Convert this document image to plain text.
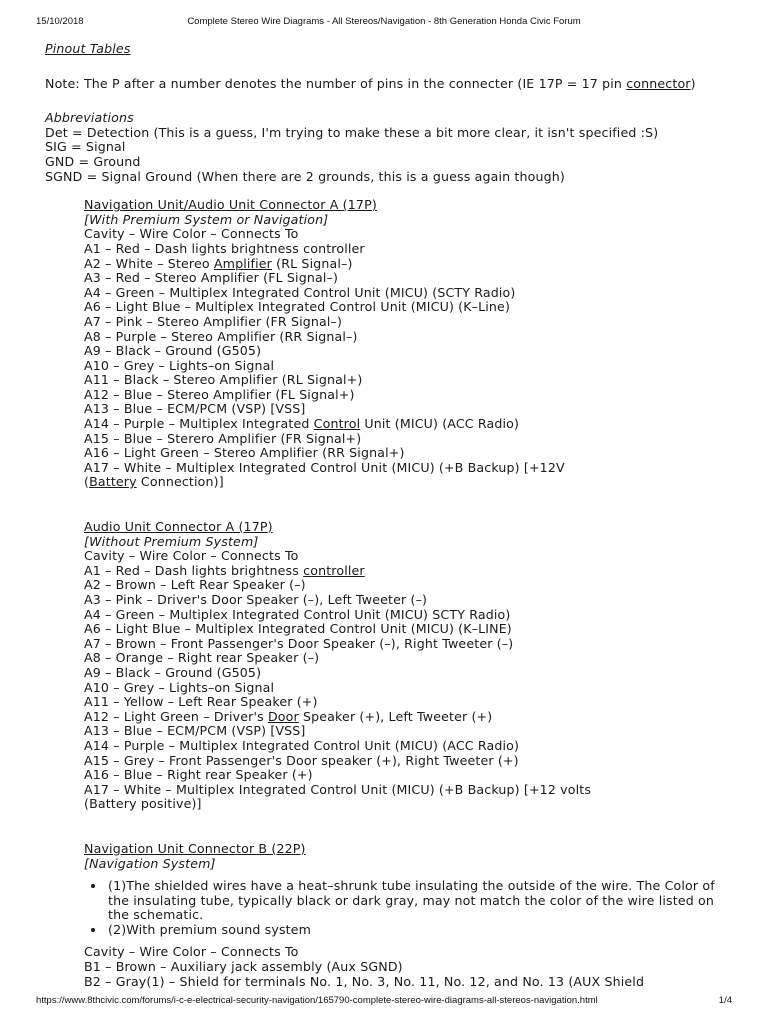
15/10/2018	Complete Stereo Wire Diagrams - All Stereos/Navigation - 8th Generation Honda Civic Forum

Pinout Tables

Note: The P after a number denotes the number of pins in the connecter (IE 17P = 17 pin connector)

Abbreviations

Det = Detection (This is a guess, I'm trying to make these a bit more clear, it isn't specified :S)

SIG = Signal

GND = Ground

SGND = Signal Ground (When there are 2 grounds, this is a guess again though)

Navigation Unit/Audio Unit Connector A (17P)

[With Premium System or Navigation]

Cavity – Wire Color – Connects To

A1 – Red – Dash lights brightness controller

A2 – White – Stereo Amplifier (RL Signal–)

A3 – Red – Stereo Amplifier (FL Signal–)

A4 – Green – Multiplex Integrated Control Unit (MICU) (SCTY Radio)

A6 – Light Blue – Multiplex Integrated Control Unit (MICU) (K–Line)

A7 – Pink – Stereo Amplifier (FR Signal–)

A8 – Purple – Stereo Amplifier (RR Signal–)

A9 – Black – Ground (G505)

A10 – Grey – Lights–on Signal

A11 – Black – Stereo Amplifier (RL Signal+)

A12 – Blue – Stereo Amplifier (FL Signal+)

A13 – Blue – ECM/PCM (VSP) [VSS]

A14 – Purple – Multiplex Integrated Control Unit (MICU) (ACC Radio)

A15 – Blue – Sterero Amplifier (FR Signal+)

A16 – Light Green – Stereo Amplifier (RR Signal+)

A17 – White – Multiplex Integrated Control Unit (MICU) (+B Backup) [+12V

(Battery Connection)]

Audio Unit Connector A (17P)

[Without Premium System]

Cavity – Wire Color – Connects To

A1 – Red – Dash lights brightness controller

A2 – Brown – Left Rear Speaker (–)

A3 – Pink – Driver's Door Speaker (–), Left Tweeter (–)

A4 – Green – Multiplex Integrated Control Unit (MICU) SCTY Radio)

A6 – Light Blue – Multiplex Integrated Control Unit (MICU) (K–LINE)

A7 – Brown – Front Passenger's Door Speaker (–), Right Tweeter (–)

A8 – Orange – Right rear Speaker (–)

A9 – Black – Ground (G505)

A10 – Grey – Lights–on Signal

A11 – Yellow – Left Rear Speaker (+)

A12 – Light Green – Driver's Door Speaker (+), Left Tweeter (+)

A13 – Blue – ECM/PCM (VSP) [VSS]

A14 – Purple – Multiplex Integrated Control Unit (MICU) (ACC Radio)

A15 – Grey – Front Passenger's Door speaker (+), Right Tweeter (+)

A16 – Blue – Right rear Speaker (+)

A17 – White – Multiplex Integrated Control Unit (MICU) (+B Backup) [+12 volts

(Battery positive)]

Navigation Unit Connector B (22P)

[Navigation System]

• (1)The shielded wires have a heat–shrunk tube insulating the outside of the wire. The Color of the insulating tube, typically black or dark gray, may not match the color of the wire listed on the schematic.
• (2)With premium sound system

Cavity – Wire Color – Connects To

B1 – Brown – Auxiliary jack assembly (Aux SGND)

B2 – Gray(1) – Shield for terminals No. 1, No. 3, No. 11, No. 12, and No. 13 (AUX Shield

https://www.8thcivic.com/forums/i-c-e-electrical-security-navigation/165790-complete-stereo-wire-diagrams-all-stereos-navigation.html	1/4
